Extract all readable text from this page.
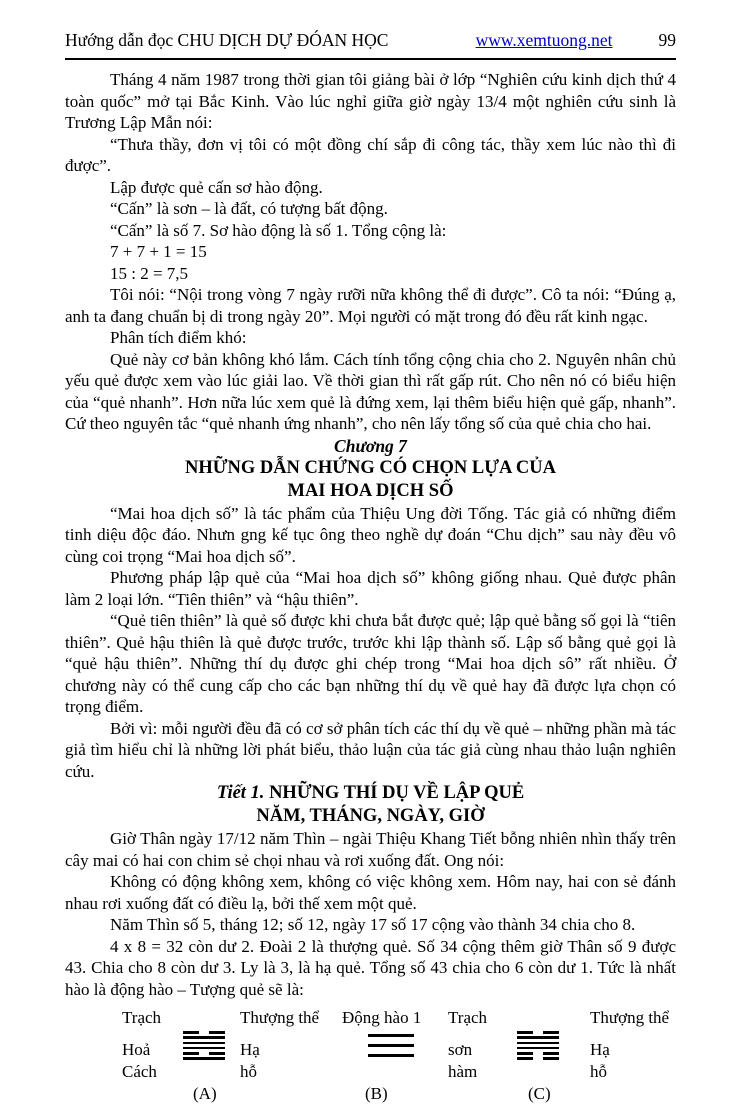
Hướng dẫn đọc CHU DỊCH DỰ ĐÓAN HỌC	www.xemtuong.net	99

Tháng 4 năm 1987 trong thời gian tôi giảng bài ở lớp “Nghiên cứu kinh dịch thứ 4 toàn quốc” mở tại Bắc Kinh. Vào lúc nghỉ giữa giờ ngày 13/4 một nghiên cứu sinh là Trương Lập Mẫn nói:

“Thưa thầy, đơn vị tôi có một đồng chí sắp đi công tác, thầy xem lúc nào thì đi được”.

Lập được quẻ cấn sơ hào động.

“Cấn” là sơn – là đất, có tượng bất động.

“Cấn” là số 7. Sơ hào động là số 1. Tổng cộng là:

7 + 7 + 1 = 15

15 : 2 = 7,5

Tôi nói: “Nội trong vòng 7 ngày rưỡi nữa không thể đi được”. Cô ta nói: “Đúng ạ, anh ta đang chuẩn bị di trong ngày 20”. Mọi người có mặt trong đó đều rất kinh ngạc.

Phân tích điểm khó:

Quẻ này cơ bản không khó lắm. Cách tính tổng cộng chia cho 2. Nguyên nhân chủ yếu quẻ được xem vào lúc giải lao. Về thời gian thì rất gấp rút. Cho nên nó có biểu hiện của “quẻ nhanh”. Hơn nữa lúc xem quẻ là đứng xem, lại thêm biểu hiện quẻ gấp, nhanh”. Cứ theo nguyên tắc “quẻ nhanh ứng nhanh”, cho nên lấy tổng số của quẻ chia cho hai.

Chương 7
NHỮNG DẪN CHỨNG CÓ CHỌN LỰA CỦA
MAI HOA DỊCH SỐ

“Mai hoa dịch số” là tác phẩm của Thiệu Ung đời Tống. Tác giả có những điểm tinh diệu độc đáo. Nhưn gng kế tục ông theo nghề dự đoán “Chu dịch” sau này đều vô cùng coi trọng “Mai hoa dịch số”.

Phương pháp lập quẻ của “Mai hoa dịch số” không giống nhau. Quẻ được phân làm 2 loại lớn. “Tiên thiên” và “hậu thiên”.

“Quẻ tiên thiên” là quẻ số được khi chưa bắt được quẻ; lập quẻ bằng số gọi là “tiên thiên”. Quẻ hậu thiên là quẻ được trước, trước khi lập thành số. Lập số bằng quẻ gọi là “quẻ hậu thiên”. Những thí dụ được ghi chép trong “Mai hoa dịch sô” rất nhiều. Ở chương này có thể cung cấp cho các bạn những thí dụ về quẻ hay đã được lựa chọn có trọng điểm.

Bởi vì: mỗi người đều đã có cơ sở phân tích các thí dụ về quẻ – những phần mà tác giả tìm hiểu chỉ là những lời phát biểu, thảo luận của tác giả cùng nhau thảo luận nghiên cứu.

Tiết 1. NHỮNG THÍ DỤ VỀ LẬP QUẺ
NĂM, THÁNG, NGÀY, GIỜ

Giờ Thân ngày 17/12 năm Thìn – ngài Thiệu Khang Tiết bỗng nhiên nhìn thấy trên cây mai có hai con chim sẻ chọi nhau và rơi xuống đất. Ong nói:

Không có động không xem, không có việc không xem. Hôm nay, hai con sẻ đánh nhau rơi xuống đất có điều lạ, bởi thế xem một quẻ.

Năm Thìn số 5, tháng 12; số 12, ngày 17 số 17 cộng vào thành 34 chia cho 8.

4 x 8 = 32 còn dư 2. Đoài 2 là thượng quẻ. Số 34 cộng thêm giờ Thân số 9 được 43. Chia cho 8 còn dư 3. Ly là 3, là hạ quẻ. Tổng số 43 chia cho 6 còn dư 1. Tức là nhất hào là động hào – Tượng quẻ sẽ là:

Trạch
Hoả
Cách
Thượng thể
Hạ
hỗ
(A)
Động hào 1
(B)
Trạch
sơn
hàm
Thượng thể
Hạ
hỗ
(C)
